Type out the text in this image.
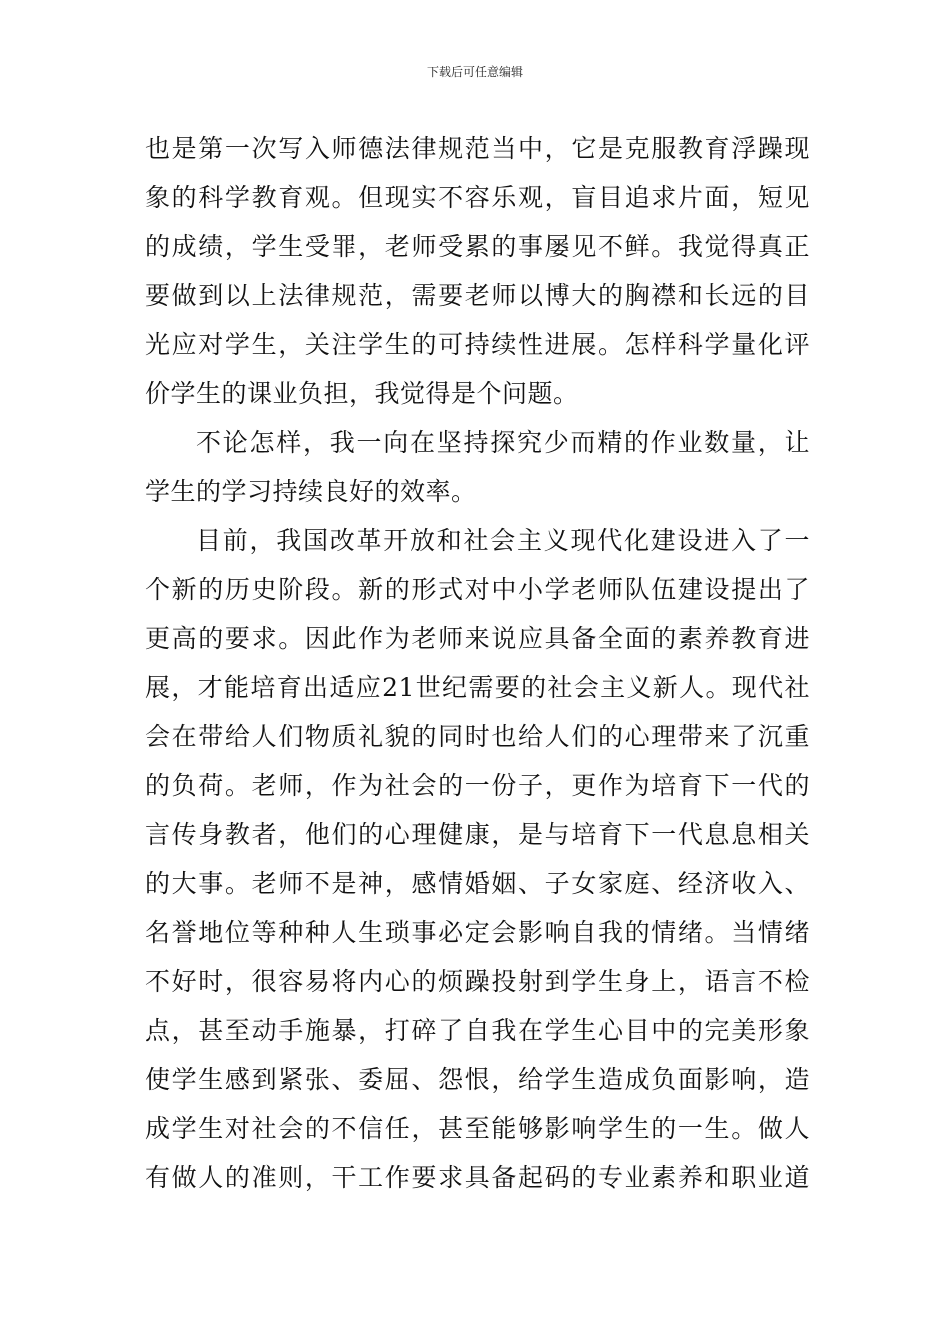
下载后可任意编辑
也是第一次写入师德法律规范当中，它是克服教育浮躁现
象的科学教育观。但现实不容乐观，盲目追求片面，短见
的成绩，学生受罪，老师受累的事屡见不鲜。我觉得真正
要做到以上法律规范，需要老师以博大的胸襟和长远的目
光应对学生，关注学生的可持续性进展。怎样科学量化评
价学生的课业负担，我觉得是个问题。
不论怎样，我一向在坚持探究少而精的作业数量，让
学生的学习持续良好的效率。
目前，我国改革开放和社会主义现代化建设进入了一
个新的历史阶段。新的形式对中小学老师队伍建设提出了
更高的要求。因此作为老师来说应具备全面的素养教育进
展，才能培育出适应21世纪需要的社会主义新人。现代社
会在带给人们物质礼貌的同时也给人们的心理带来了沉重
的负荷。老师，作为社会的一份子，更作为培育下一代的
言传身教者，他们的心理健康，是与培育下一代息息相关
的大事。老师不是神，感情婚姻、子女家庭、经济收入、
名誉地位等种种人生琐事必定会影响自我的情绪。当情绪
不好时，很容易将内心的烦躁投射到学生身上，语言不检
点，甚至动手施暴，打碎了自我在学生心目中的完美形象
使学生感到紧张、委屈、怨恨，给学生造成负面影响，造
成学生对社会的不信任，甚至能够影响学生的一生。做人
有做人的准则，干工作要求具备起码的专业素养和职业道
